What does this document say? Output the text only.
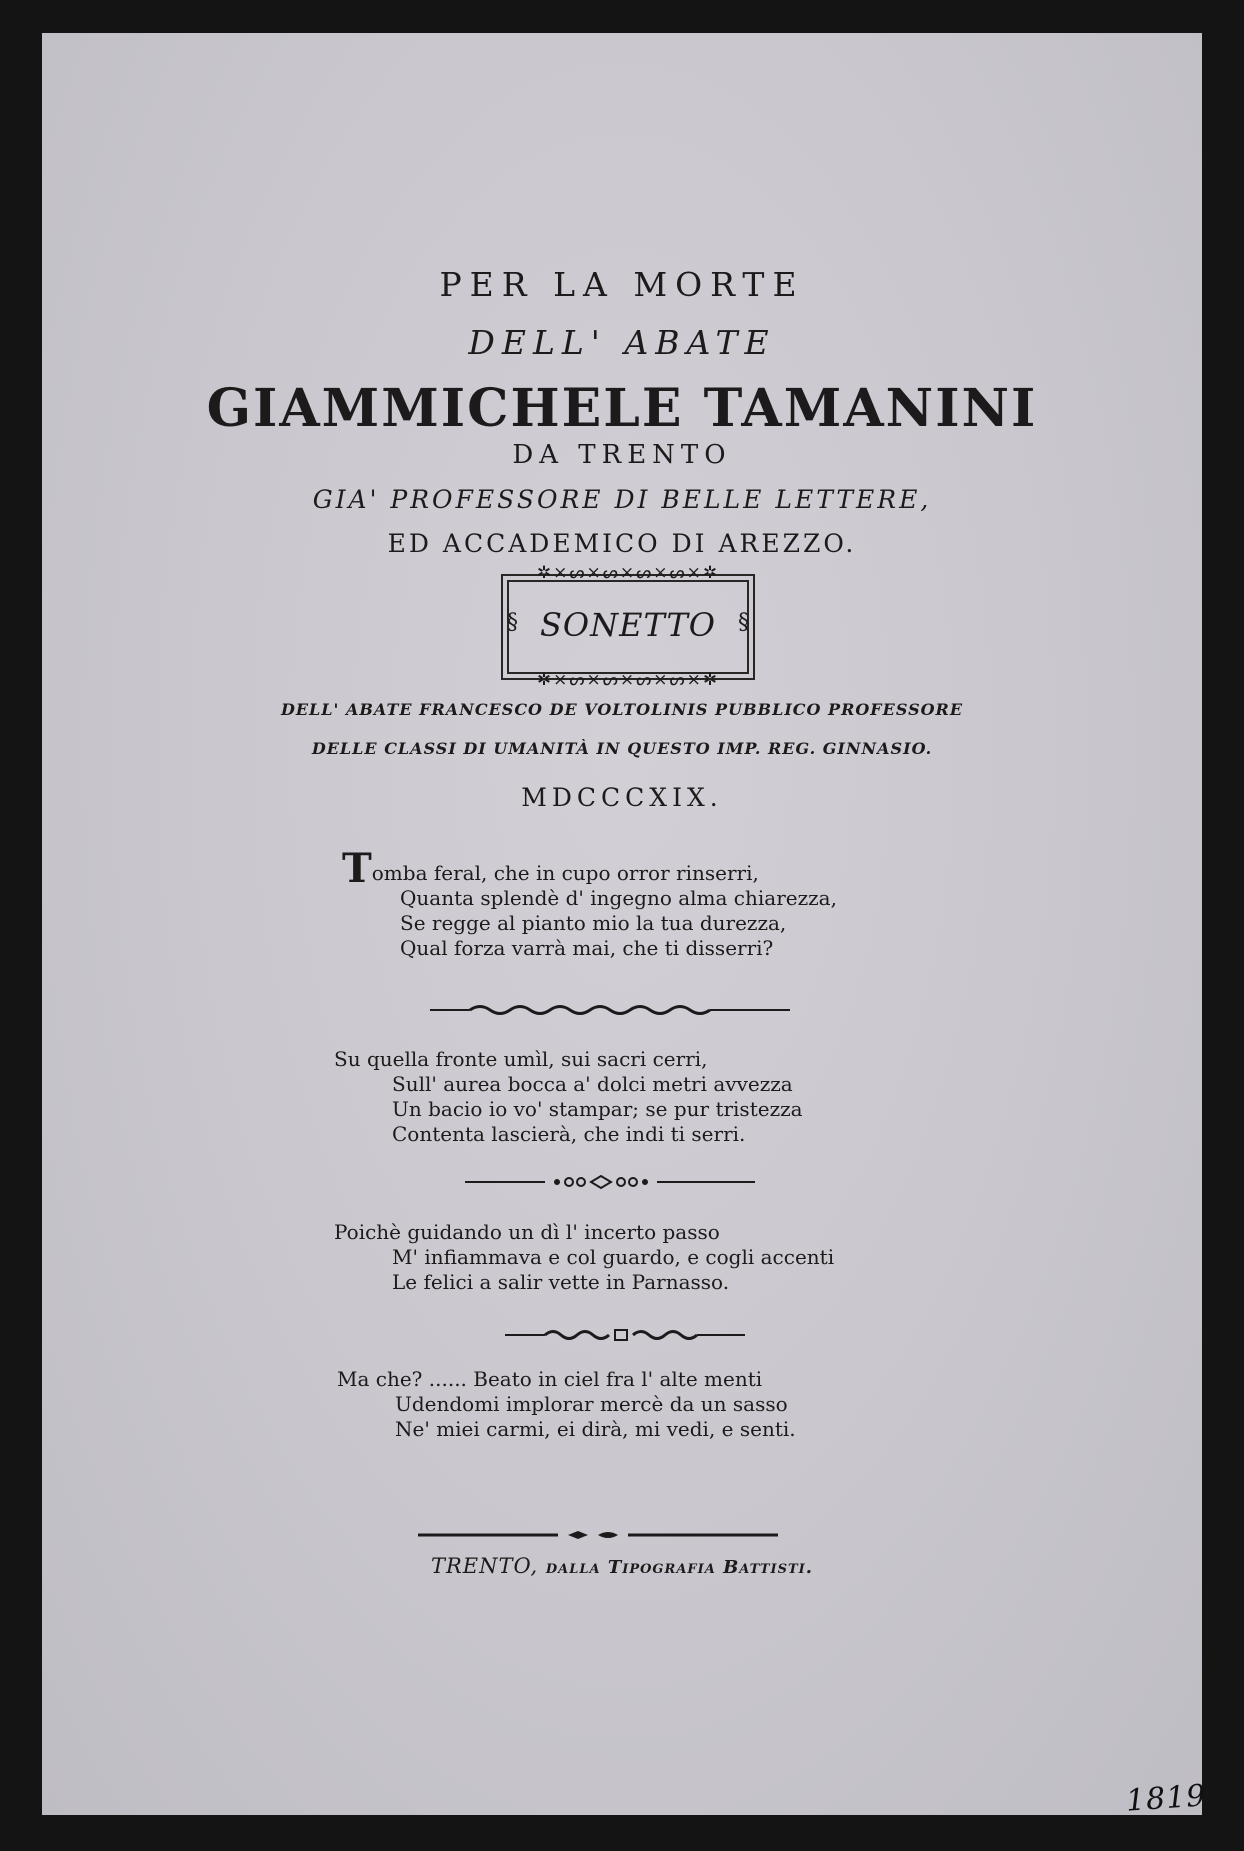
PER LA MORTE
DELL' ABATE
GIAMMICHELE TAMANINI
DA TRENTO
GIA' PROFESSORE DI BELLE LETTERE,
ED ACCADEMICO DI AREZZO.
✲⨯ᔕ⨯ᔕ⨯ᔕ⨯ᔕ⨯✲
§ SONETTO §
✲⨯ᔕ⨯ᔕ⨯ᔕ⨯ᔕ⨯✲
DELL' ABATE FRANCESCO DE VOLTOLINIS PUBBLICO PROFESSORE
DELLE CLASSI DI UMANITÀ IN QUESTO IMP. REG. GINNASIO.
MDCCCXIX.
Tomba feral, che in cupo orror rinserri,
Quanta splendè d' ingegno alma chiarezza,
Se regge al pianto mio la tua durezza,
Qual forza varrà mai, che ti disserri?
Su quella fronte umìl, sui sacri cerri,
Sull' aurea bocca a' dolci metri avvezza
Un bacio io vo' stampar; se pur tristezza
Contenta lascierà, che indi ti serri.
Poichè guidando un dì l' incerto passo
M' infiammava e col guardo, e cogli accenti
Le felici a salir vette in Parnasso.
Ma che? ...... Beato in ciel fra l' alte menti
Udendomi implorar mercè da un sasso
Ne' miei carmi, ei dirà, mi vedi, e senti.
TRENTO, dalla Tipografia Battisti.
1819
